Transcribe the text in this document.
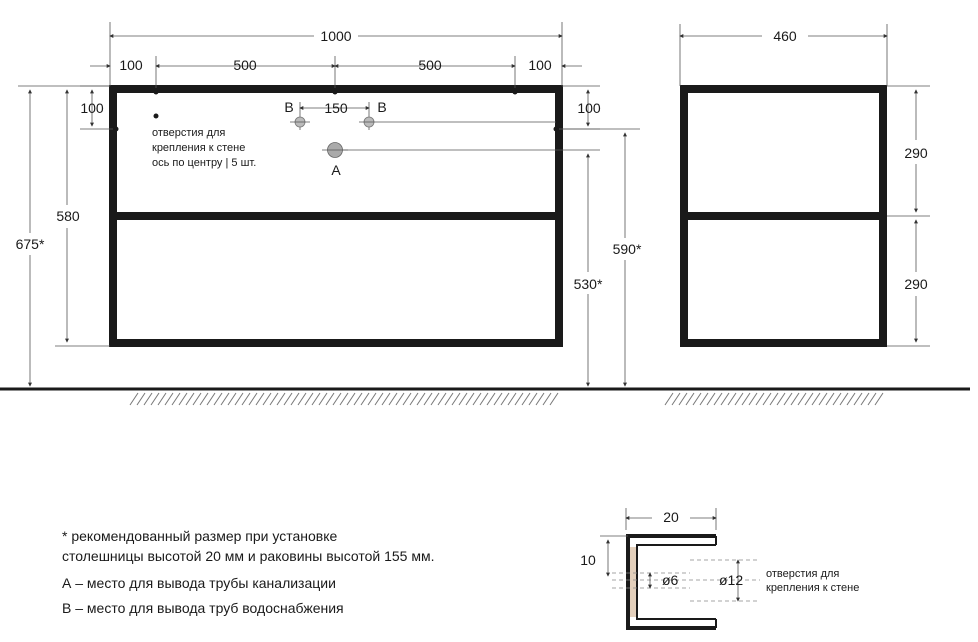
1000
100	500	500	100
100	100
580
675*	590*
530*
150
B	B
A
отверстия для
крепления к стене
ось по центру | 5 шт.
460
290
290
* рекомендованный размер при установке
столешницы высотой 20 мм и раковины высотой 155 мм.
А – место для вывода трубы канализации
В – место для вывода труб водоснабжения
20
10
ø6	ø12 отверстия для
крепления к стене
